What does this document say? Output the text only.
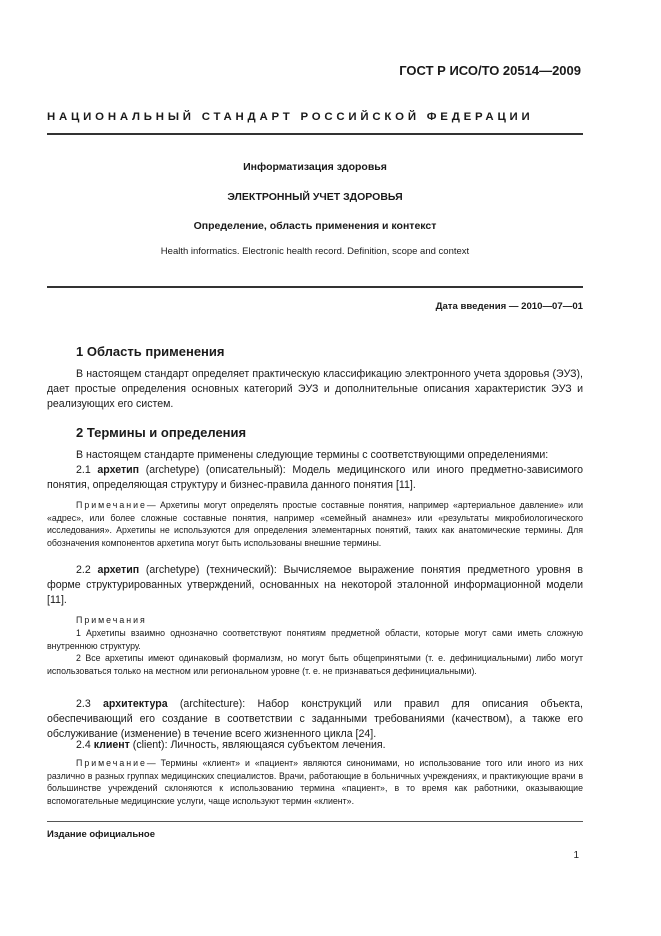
ГОСТ Р ИСО/ТО 20514—2009
НАЦИОНАЛЬНЫЙ СТАНДАРТ РОССИЙСКОЙ ФЕДЕРАЦИИ
Информатизация здоровья
ЭЛЕКТРОННЫЙ УЧЕТ ЗДОРОВЬЯ
Определение, область применения и контекст
Health informatics. Electronic health record. Definition, scope and context
Дата введения — 2010—07—01
1 Область применения

В настоящем стандарт определяет практическую классификацию электронного учета здоровья (ЭУЗ), дает простые определения основных категорий ЭУЗ и дополнительные описания характеристик ЭУЗ и реализующих его систем.

2 Термины и определения

В настоящем стандарте применены следующие термины с соответствующими определениями:

2.1 архетип (archetype) (описательный): Модель медицинского или иного предметно-зависимого понятия, определяющая структуру и бизнес-правила данного понятия [11].

Примечание— Архетипы могут определять простые составные понятия, например «артериальное давление» или «адрес», или более сложные составные понятия, например «семейный анамнез» или «результаты микробиологического исследования». Архетипы не используются для определения элементарных понятий, таких как анатомические термины. Для обозначения компонентов архетипа могут быть использованы внешние термины.

2.2 архетип (archetype) (технический): Вычисляемое выражение понятия предметного уровня в форме структурированных утверждений, основанных на некоторой эталонной информационной модели [11].

Примечания

1 Архетипы взаимно однозначно соответствуют понятиям предметной области, которые могут сами иметь сложную внутреннюю структуру.

2 Все архетипы имеют одинаковый формализм, но могут быть общепринятыми (т. е. дефинициальными) либо могут использоваться только на местном или региональном уровне (т. е. не признаваться дефинициальными).

2.3 архитектура (architecture): Набор конструкций или правил для описания объекта, обеспечивающий его создание в соответствии с заданными требованиями (качеством), а также его обслуживание (изменение) в течение всего жизненного цикла [24].

2.4 клиент (client): Личность, являющаяся субъектом лечения.

Примечание— Термины «клиент» и «пациент» являются синонимами, но использование того или иного из них различно в разных группах медицинских специалистов. Врачи, работающие в больничных учреждениях, и практикующие врачи в большинстве учреждений склоняются к использованию термина «пациент», в то время как работники, оказывающие вспомогательные медицинские услуги, чаще используют термин «клиент».

Издание официальное
1
